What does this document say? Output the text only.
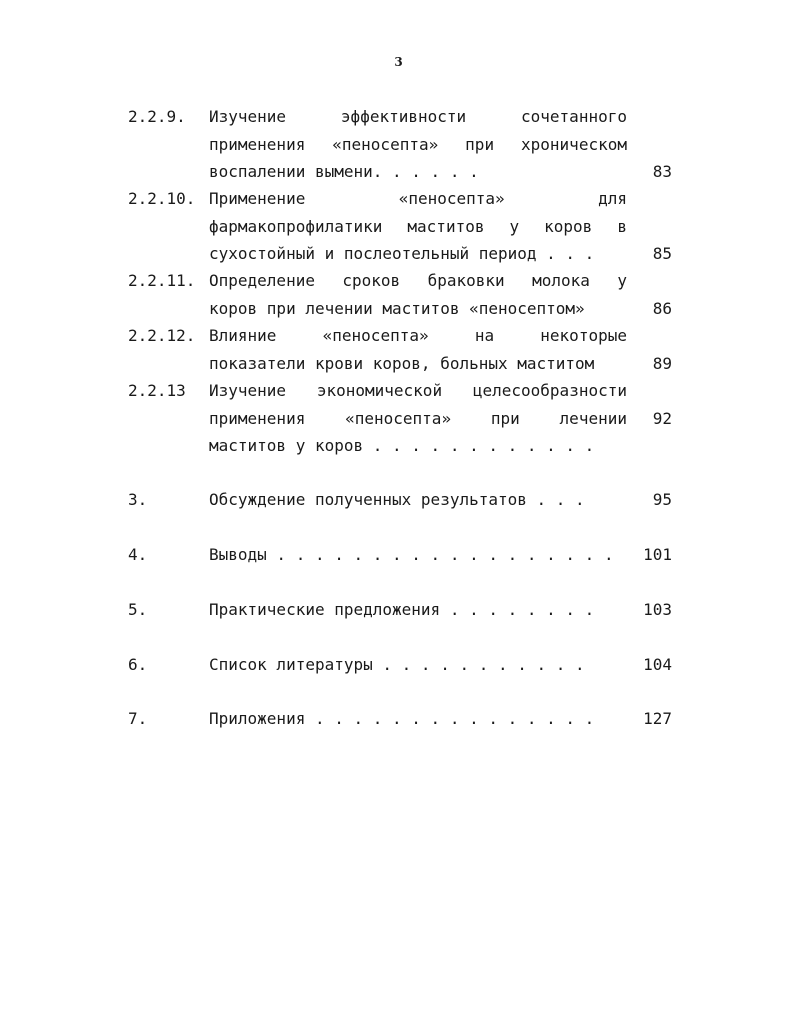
3
2.2.9. Изучение	эффективности	сочетанного
применения «пеносепта» при хроническом
воспалении вымени. . . . . .	83
2.2.10. Применение	«пеносепта»	для
фармакопрофилатики маститов у коров в
сухостойный и послеотельный период . . .	85
2.2.11. Определение сроков браковки молока у
коров при лечении маститов «пеносептом»	86
2.2.12. Влияние	«пеносепта»	на	некоторые
показатели крови коров, больных маститом	89
2.2.13 Изучение экономической целесообразности
применения «пеносепта» при лечении
маститов у коров . . . . . . . . . . . .
92
3.	Обсуждение полученных результатов . . .	95
4.	Выводы . . . . . . . . . . . . . . . . . . 101
5.	Практические предложения . . . . . . . .	103
6.	Список литературы . . . . . . . . . . .	104
7.	Приложения . . . . . . . . . . . . . . .	127
